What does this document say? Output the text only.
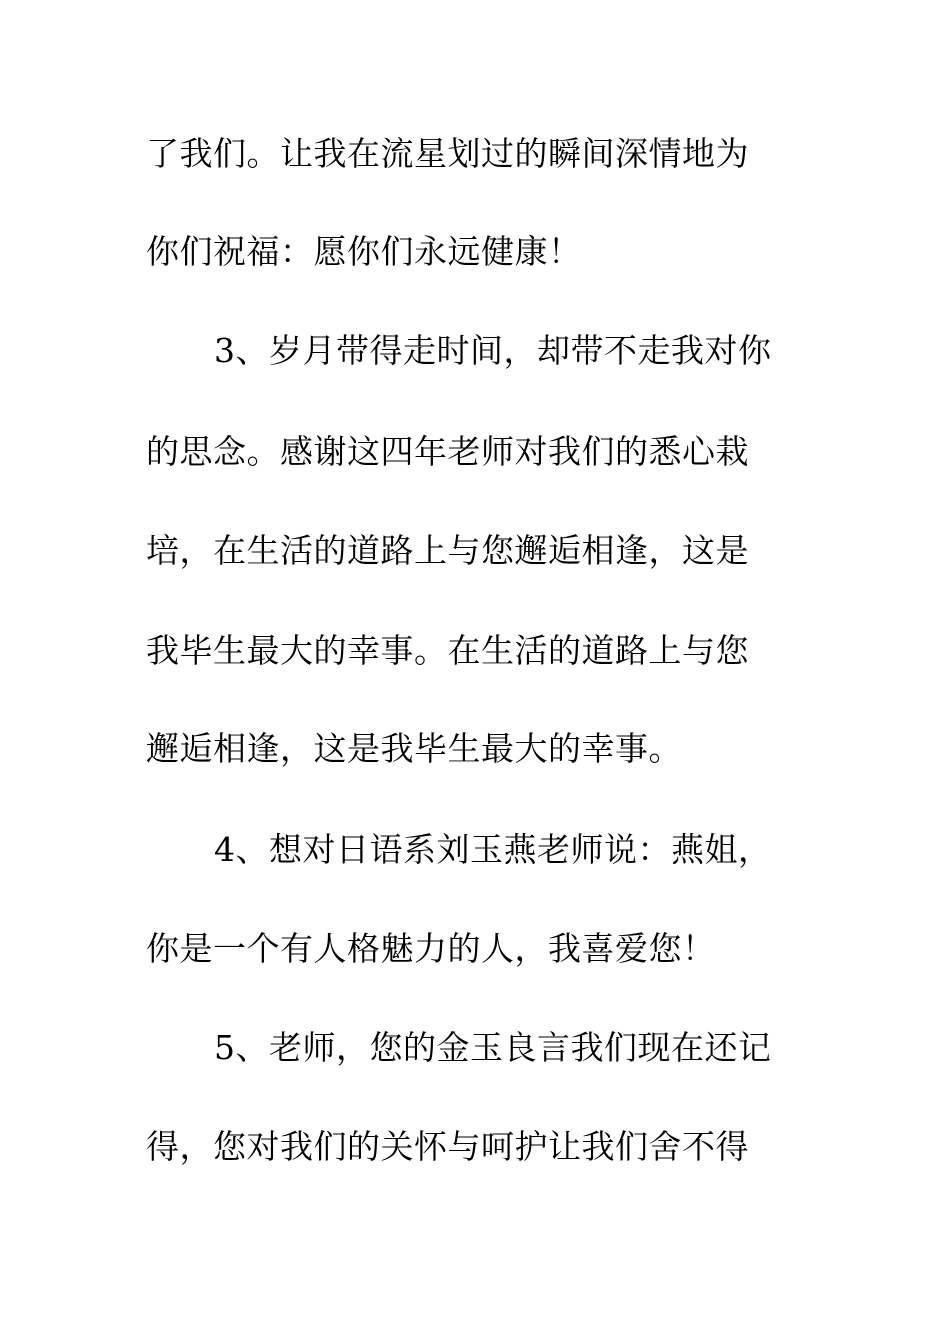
了我们。让我在流星划过的瞬间深情地为
你们祝福：愿你们永远健康！
3、岁月带得走时间，却带不走我对你
的思念。感谢这四年老师对我们的悉心栽
培，在生活的道路上与您邂逅相逢，这是
我毕生最大的幸事。在生活的道路上与您
邂逅相逢，这是我毕生最大的幸事。
4、想对日语系刘玉燕老师说：燕姐，
你是一个有人格魅力的人，我喜爱您！
5、老师，您的金玉良言我们现在还记
得，您对我们的关怀与呵护让我们舍不得
